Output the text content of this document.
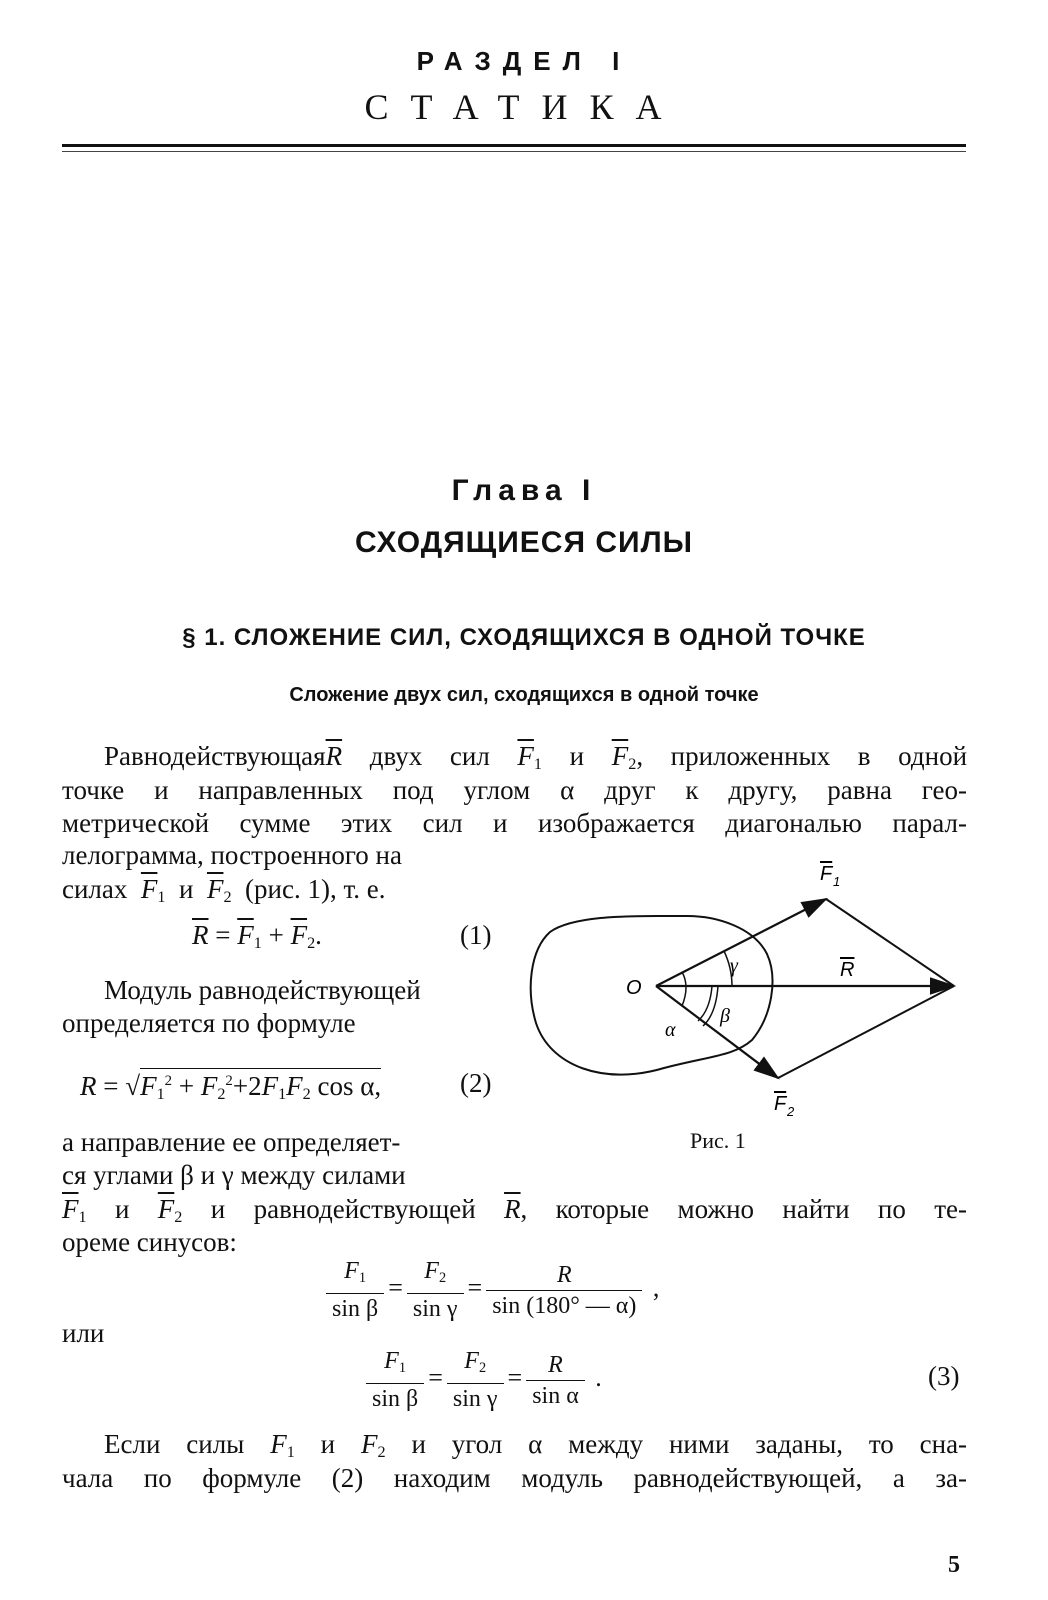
РАЗДЕЛ I
СТАТИКА
Глава I
СХОДЯЩИЕСЯ СИЛЫ
§ 1. СЛОЖЕНИЕ СИЛ, СХОДЯЩИХСЯ В ОДНОЙ ТОЧКЕ
Сложение двух сил, сходящихся в одной точке
$Равнодействующая\overline{R}$ двух сил $\overline{F}_1$ и $\overline{F}_2$, приложенных в одной
точке и направленных под углом α друг к другу, равна гео-
метрической сумме этих сил и изображается диагональю парал-
лелограмма, построенного на
силах $\overline{F}_1$ и $\overline{F}_2$ (рис. 1), т. е.
$\overline{R} = \overline{F}_1 + \overline{F}_2$.	(1)
Модуль равнодействующей
определяется по формуле
$R = √F_1^2 + F_2^2+2F_1F_2$ cos α,	(2)
а направление ее определяет-
ся углами β и γ между силами
$\overline{F}_1$ и $\overline{F}_2$ и равнодействующей $\overline{R}$, которые можно найти по те-
ореме синусов:
$\frac{F_1}{\text{sin β}} = \frac{F_2}{\text{sin γ}} = \frac{R}{\sin (180^\circ — \alpha)}$ ,
или
$\frac{F_1}{\text{sin β}} = \frac{F_2}{\text{sin γ}} = \frac{R}{\text{sin α}}$ .	(3)
Если силы $F_1$ и $F_2$ и угол α между ними заданы, то сна-
чала по формуле (2) находим модуль равнодействующей, а за-
O
α
β
γ	R
F 1
F 2
Рис. 1
5
